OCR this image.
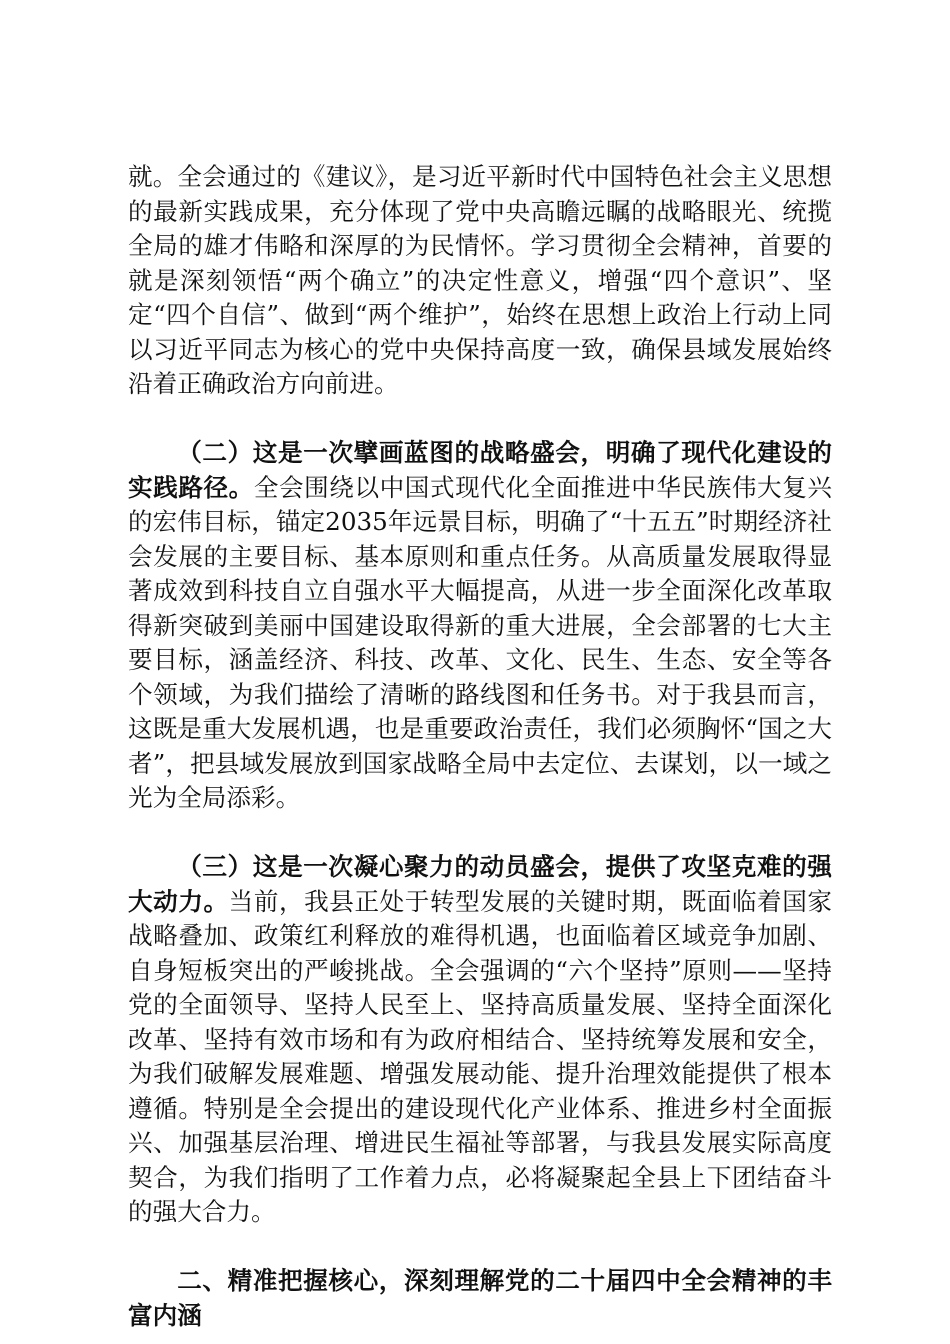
就。全会通过的《建议》，是习近平新时代中国特色社会主义思想的最新实践成果，充分体现了党中央高瞻远瞩的战略眼光、统揽全局的雄才伟略和深厚的为民情怀。学习贯彻全会精神，首要的就是深刻领悟“两个确立”的决定性意义，增强“四个意识”、坚定“四个自信”、做到“两个维护”，始终在思想上政治上行动上同以习近平同志为核心的党中央保持高度一致，确保县域发展始终沿着正确政治方向前进。

（二）这是一次擘画蓝图的战略盛会，明确了现代化建设的实践路径。全会围绕以中国式现代化全面推进中华民族伟大复兴的宏伟目标，锚定2035年远景目标，明确了“十五五”时期经济社会发展的主要目标、基本原则和重点任务。从高质量发展取得显著成效到科技自立自强水平大幅提高，从进一步全面深化改革取得新突破到美丽中国建设取得新的重大进展，全会部署的七大主要目标，涵盖经济、科技、改革、文化、民生、生态、安全等各个领域，为我们描绘了清晰的路线图和任务书。对于我县而言，这既是重大发展机遇，也是重要政治责任，我们必须胸怀“国之大者”，把县域发展放到国家战略全局中去定位、去谋划，以一域之光为全局添彩。

（三）这是一次凝心聚力的动员盛会，提供了攻坚克难的强大动力。当前，我县正处于转型发展的关键时期，既面临着国家战略叠加、政策红利释放的难得机遇，也面临着区域竞争加剧、自身短板突出的严峻挑战。全会强调的“六个坚持”原则——坚持党的全面领导、坚持人民至上、坚持高质量发展、坚持全面深化改革、坚持有效市场和有为政府相结合、坚持统筹发展和安全，为我们破解发展难题、增强发展动能、提升治理效能提供了根本遵循。特别是全会提出的建设现代化产业体系、推进乡村全面振兴、加强基层治理、增进民生福祉等部署，与我县发展实际高度契合，为我们指明了工作着力点，必将凝聚起全县上下团结奋斗的强大合力。

二、精准把握核心，深刻理解党的二十届四中全会精神的丰富内涵
